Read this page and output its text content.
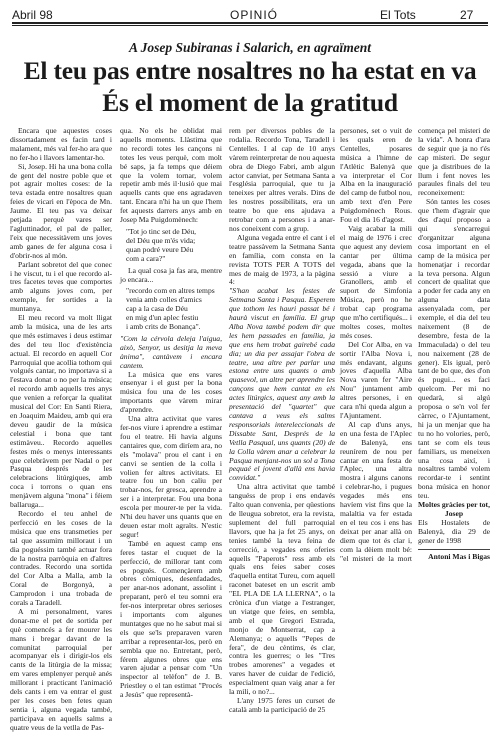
Abril 98	OPINIÓ	El Tots	27
A Josep Subiranas i Salarich, en agraïment
El teu pas entre nosaltres no ha estat en va
És el moment de la gratitud

Encara que aquestes coses dissortadament es facin tard i malament, més val fer-ho ara que no fer-ho i llavors lamentar-ho.

Si, Josep. Hi ha una bona colla de gent del nostre poble que et pot agrair moltes coses: de la teva estada entre nosaltres quan feies de vicari en l'època de Mn. Jaume. El teu pas va deixar petjada perquè vares ser l'agluttinador, el pal de paller, l'eix que necessitàvem uns joves amb ganes de fer alguna cosa i d'obrir-nos al món.

Parlant sobretot del que conec i he viscut, tu i el que recordo al-tres facetes teves que comportes amb alguns joves com, per exemple, fer sortides a la muntanya.

El meu record va molt lligat amb la música, una de les arts que més estimaves i deus estimar des del teu lloc d'existència actual. El recordo en aquell Cor Parroquial que acollia tothom qui volgués cantar, no importava si a l'estava donat o no per la música; el recordo amb aquells tres anys que venien a reforçar la qualitat musical del Cor: En Santi Riera, en Joaquim Maideu, amb qui era deveu gaudir de la música celestial i bona que tant estimàveu.. Recordo aquelles festes més o menys interessants que celebràvem per Nadal o per Pasqua després de les celebracions litúrgiques, amb coca i torrons o quan ens menjàvem alguna "mona" i féiem ballaruga...

Recordo el teu anhel de perfecció en les coses de la música que ens transmeties per tal que assumim milloraut i un dia poguéssim també actuar fora de la nostra parròquia en d'altres contrades. Recordo una sortida del Cor Alba a Malla, amb la Coral de Borgonyà, a Camprodon i una trobada de corals a Taradell.

A mi personalment, vares donar-me el pet de sortida per què comencés a fer mourer les mans i bregar davant de la comunitat parroquial per acompanyar els i dirigir-los els cants de la litúrgia de la missa; em vares emplenyer perquè anés millorant i practicant l'animació dels cants i em va entrar el gust per les coses ben fetes quan sentia i, alguna vegada també, participava en aquells salms a quatre veus de la vetlla de Pas-

qua. No els he oblidat mai aquells moments. Llàstima que no recordi totes les cançons ni totes les veus perquè, com molt bé saps, ja fa temps que déiem que la volem tornar, volem repetir amb més il·lusió que mai aquells cants que ens agradaven tant. Encara n'hi ha un que l'hem fet aquests darrers anys amb en Josep Ma Puigdomènech:

"Tot jo tinc set de Déu,
del Déu que m'és vida;
quan podré veure Déu
com a cara?"

La qual cosa ja fas ara, mentre jo encara...

"recordo com en altres temps
venia amb colles d'amics
cap a la casa de Déu
en mig d'un aplec festiu
i amb crits de Bonança".

"Com la cérvola deleja l'aigua, això, Senyor, us desitja la meva ànima", cantàvem i encara cantem.

La música que ens vares ensenyar i el gust per la bona música fou una de les coses importants que vàrem mirar d'aprendre.

Una altra activitat que vares fer-nos viure i aprendre a estimar fou el teatre. Hi havia alguns cantaires que, com diríem ara, no els "molava" prou el cant i en canvi se sentien de la colla i volien fer altres activitats. El teatre fou un bon caliu per trobar-nos, fer gresca, aprendre a ser i a interpretar. Fou una bona escola per mourer-te per la vida. N'hi deu haver uns quants que en deuen estar molt agraïts. N'estic segur!

També en aquest camp ens feres tastar el cuquet de la perfecció, de millorar tant com es pogués. Començàrem amb obres còmiques, desenfadades, per anar-nos adonant, assolint i preparant, però el teu somni era fer-nos interpretar obres serioses i importants com algunes muntatges que no he sabut mai si els que se'ls preparaven varen arribar a representar-los, però en sembla que no. Entretant, però, férem algunes obres que ens varen ajudar a pensar com "Un inspector al telèfon" de J. B. Priestley o el tan estimat "Procés a Jesús" que representà-

rem per diversos pobles de la rodalia. Recordo Tona, Taradell i Centelles. I al cap de 10 anys vàrem reinterpretar de nou aquesta obra de Diego Fabri, amb algun actor canviat, per Setmana Santa a l'església parroquial, que tu ja teneixes per altres verals. Dins de les nostres possibilitats, era un teatre bo que ens ajudava a retrobar com a persones i a anar-nos coneixent com a grup.

Alguna vegada entre el cant i el teatre passàvem la Setmana Santa en família, com consta en la revista TOTS PER A TOTS del mes de maig de 1973, a la pàgina 4:

"S'han acabat les festes de Setmana Santa i Pasqua. Esperem que tothom les hauri passat bé i haurà viscut en família. El grup Alba Nova també podem dir que les hem passades en família, ja que ens hem trobat gairebé cada dia; un dia per assajar l'obra de teatre, una altre per parlar una estona entre uns quants o amb quasevol, un altre per aprendre les cançons que hem cantat en els actes litúrgics, aquest any amb la presentació del "quartet" que cantava a veus els salms responsorials intereleccionals de Dissabte Sant, Després de la Vetlla Pasqual, uns quants (20) de la Colla vàrem anar a celebrar la Pasqua menjant-nos un sol a Tona pequaé el jovent d'allà ens havia convidat."

Una altra activitat que també tanguéss de prop i ens endavés l'alto quan convenia, per qüestions de lleugua sobretot, era la revista, suplement del full parroquial llavors, que ha ja fet 25 anys, on tenies també la teva feina de correcció, a vegades ens oferies aquells "Paperots" ress amb els quals ens feies saber coses d'aquella entitat Tureu, com aquell raconet bateset en un escrit amb "EL PLA DE LA LLERNA", o la crònica d'un viatge a l'estranger, un viatge que feies, en sembla, amb el que Gregori Estrada, monjo de Montserrat, cap a Alemanya; o aquells "Pepes de fera", de deu cèntims, és clar, contra les guerres; o les "Tres trobes amorenes" a vegades et vares haver de cuidar de l'edició, especialment quan vaig anar a fer la mili, o no?...

L'any 1975 feres un curset de català amb la participació de 25

persones, set o vuit de les quals eren de Centelles, posares música a l'himne de l'Atlètic Balenyà que va interpretar el Cor Alba en la inauguració del camp de futbol nou, amb text d'en Pere Puigdomènech Rous. Fou el dia 16 d'agost.

Vaig acabar la mili el maig de 1976 i crec que aquest any deviem cantar per última vegada, abans que la sessió a viure a Granollers, amb el suport de Simfonia Música, però no he trobat cap programa que m'ho certifiqués... i moltes coses, moltes més coses.

Del Cor Alba, en va sortir l'Alba Nova i, més endavant, alguns joves d'aquella Alba Nova varen fer "Aire Nou" juntament amb altres persones, i en cara n'hi queda algun a l'Ajuntament.

Al cap d'uns anys, en una festa de l'Aplec de Balenyà, ens reunírem de nou per cantar en una festa de l'Aplec, una altra mostra i alguns canons i celebrar-ho, i pugues vegades més ens havíem vist fins que la malaltia va fer estada en el teu cos i ens has deixat per anar allà on diem que tot és clar i, com la dèiem molt bé: "el misteri de la mort comença pel misteri de la vida". A honra d'ara de seguir que ja no t'és cap misteri. De segur que ja distribues de la llum i fent noves les paraules finals del teu reconeixement:

Són tantes les coses que t'hem d'agrair que des d'aquí proposo a qui s'encarregui d'organitzar alguna cosa important en el camp de la música per homenatjar i recordar la teva persona. Algun concert de qualitat que a poder fer cada any en alguna data assenyalada com, per exemple, el dia del teu naixement (8 de desembre, festa de la Immaculada) o del teu nou naixement (28 de gener). Els igual, però tant de bo que, des d'on és pugui... es faci quelcom. Per mi no quedarà, si algú proposa o se'n vol fer càrrec, o l'Ajuntament, hi ja un menjar que ha tu no ho volories, però, tant se com els teus familiars, us meneixen una cosa així, i nosaltres també volem recordar-te i sentint bona música en honor teu.

Moltes gràcies per tot, Josep

Els Hostalets de Balenyà, dia 29 de gener de 1998

Antoni Mas i Bigas
